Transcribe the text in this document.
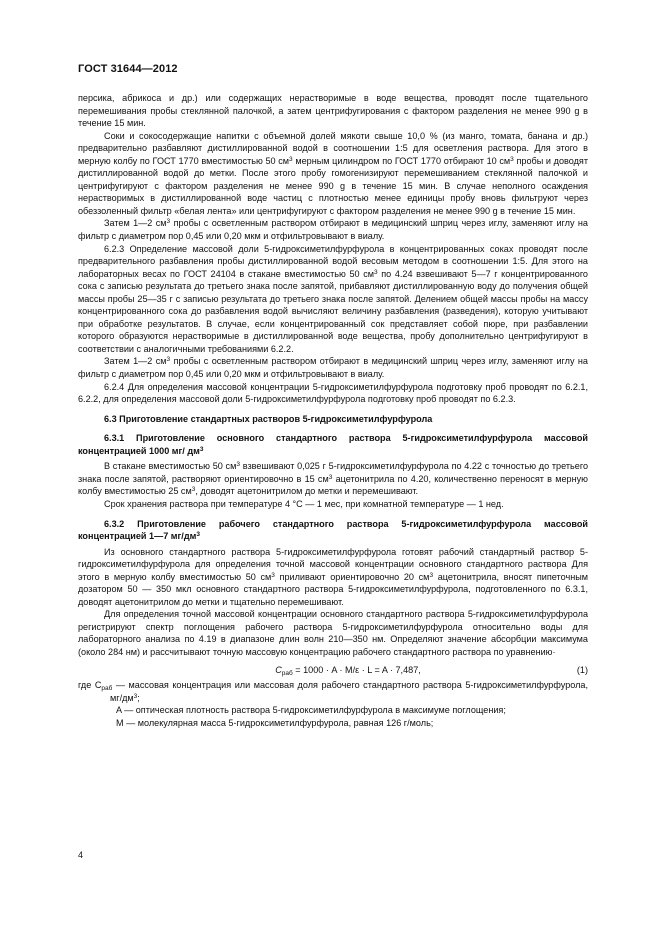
ГОСТ 31644—2012

персика, абрикоса и др.) или содержащих нерастворимые в воде вещества, проводят после тщательного перемешивания пробы стеклянной палочкой, а затем центрифугирования с фактором разделения не менее 990 g в течение 15 мин.

Соки и сокосодержащие напитки с объемной долей мякоти свыше 10,0 % (из манго, томата, банана и др.) предварительно разбавляют дистиллированной водой в соотношении 1:5 для осветления раствора. Для этого в мерную колбу по ГОСТ 1770 вместимостью 50 $см^3$ мерным цилиндром по ГОСТ 1770 отбирают 10 $см^3$ пробы и доводят дистиллированной водой до метки. После этого пробу гомогенизируют перемешиванием стеклянной палочкой и центрифугируют с фактором разделения не менее 990 g в течение 15 мин. В случае неполного осаждения нерастворимых в дистиллированной воде частиц с плотностью менее единицы пробу вновь фильтруют через обеззоленный фильтр «белая лента» или центрифугируют с фактором разделения не менее 990 g в течение 15 мин.

Затем 1—2 $см^3$ пробы с осветленным раствором отбирают в медицинский шприц через иглу, заменяют иглу на фильтр с диаметром пор 0,45 или 0,20 мкм и отфильтровывают в виалу.

6.2.3 Определение массовой доли 5-гидроксиметилфурфурола в концентрированных соках проводят после предварительного разбавления пробы дистиллированной водой весовым методом в соотношении 1:5. Для этого на лабораторных весах по ГОСТ 24104 в стакане вместимостью 50 $см^3$ по 4.24 взвешивают 5—7 г концентрированного сока с записью результата до третьего знака после запятой, прибавляют дистиллированную воду до получения общей массы пробы 25—35 г с записью результата до третьего знака после запятой. Делением общей массы пробы на массу концентрированного сока до разбавления водой вычисляют величину разбавления (разведения), которую учитывают при обработке результатов. В случае, если концентрированный сок представляет собой пюре, при разбавлении которого образуются нерастворимые в дистиллированной воде вещества, пробу дополнительно центрифугируют в соответствии с аналогичными требованиями 6.2.2.

Затем 1—2 $см^3$ пробы с осветленным раствором отбирают в медицинский шприц через иглу, заменяют иглу на фильтр с диаметром пор 0,45 или 0,20 мкм и отфильтровывают в виалу.

6.2.4 Для определения массовой концентрации 5-гидроксиметилфурфурола подготовку проб проводят по 6.2.1, 6.2.2, для определения массовой доли 5-гидроксиметилфурфурола подготовку проб проводят по 6.2.3.

6.3 Приготовление стандартных растворов 5-гидроксиметилфурфурола

6.3.1 Приготовление основного стандартного раствора 5-гидроксиметилфурфурола массовой концентрацией 1000 мг/ $дм^3$

В стакане вместимостью 50 $см^3$ взвешивают 0,025 г 5-гидроксиметилфурфурола по 4.22 с точностью до третьего знака после запятой, растворяют ориентировочно в 15 $см^3$ ацетонитрила по 4.20, количественно переносят в мерную колбу вместимостью 25 $см^3$, доводят ацетонитрилом до метки и перемешивают.

Срок хранения раствора при температуре 4 °С — 1 мес, при комнатной температуре — 1 нед.

6.3.2 Приготовление рабочего стандартного раствора 5-гидроксиметилфурфурола массовой концентрацией 1—7 $мг/дм^3$

Из основного стандартного раствора 5-гидроксиметилфурфурола готовят рабочий стандартный раствор 5-гидроксиметилфурфурола для определения точной массовой концентрации основного стандартного раствора Для этого в мерную колбу вместимостью 50 $см^3$ приливают ориентировочно 20 $см^3$ ацетонитрила, вносят пипеточным дозатором 50 — 350 мкл основного стандартного раствора 5-гидроксиметилфурфурола, подготовленного по 6.3.1, доводят ацетонитрилом до метки и тщательно перемешивают.

Для определения точной массовой концентрации основного стандартного раствора 5-гидроксиметилфурфурола регистрируют спектр поглощения рабочего раствора 5-гидроксиметилфурфурола относительно воды для лабораторного анализа по 4.19 в диапазоне длин волн 210—350 нм. Определяют значение абсорбции максимума (около 284 нм) и рассчитывают точную массовую концентрацию рабочего стандартного раствора по уравнению·

$C_{раб} = 1000 \cdot A \cdot M/\varepsilon \cdot L = A \cdot 7,487$,	(1)

где $C_{раб}$ — массовая концентрация или массовая доля рабочего стандартного раствора 5-гидроксиметилфурфурола, $мг/дм^3$;

A — оптическая плотность раствора 5-гидроксиметилфурфурола в максимуме поглощения;

M — молекулярная масса 5-гидроксиметилфурфурола, равная 126 г/моль;

4
